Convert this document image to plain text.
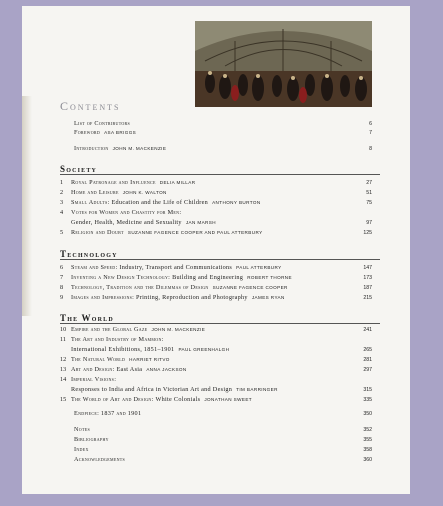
Contents
List of Contributors	6
Foreword ASA BRIGGS	7
Introduction JOHN M. MACKENZIE	8
Society
1	Royal Patronage and Influence DELIA MILLAR	27
2	Home and Leisure JOHN K. WALTON	51
3	Small Adults: Education and the Life of Children ANTHONY BURTON	75
4	Votes for Women and Chastity for Men:
Gender, Health, Medicine and Sexuality JAN MARSH	97
5	Religion and Doubt SUZANNE FAGENCE COOPER AND PAUL ATTERBURY	125
Technology
6	Steam and Speed: Industry, Transport and Communications PAUL ATTERBURY	147
7	Inventing a New Design Technology: Building and Engineering ROBERT THORNE	173
8	Technology, Tradition and the Dilemmas of Design SUZANNE FAGENCE COOPER	187
9	Images and Impressions: Printing, Reproduction and Photography JAMES RYAN	215
The World
10 Empire and the Global Gaze JOHN M. MACKENZIE	241
11 The Art and Industry of Mammon:
International Exhibitions, 1851–1901 PAUL GREENHALGH	265
12 The Natural World HARRIET RITVO	281
13 Art and Design: East Asia ANNA JACKSON	297
14 Imperial Visions:
Responses to India and Africa in Victorian Art and Design TIM BARRINGER	315
15 The World of Art and Design: White Colonials JONATHAN SWEET	335
Endpiece: 1837 and 1901	350
Notes	352
Bibliography	355
Index	358
Acknowledgements	360
